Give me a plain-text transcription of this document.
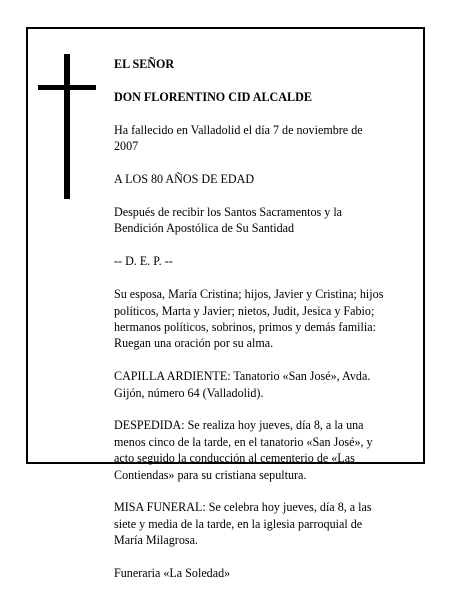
EL SEÑOR

DON FLORENTINO CID ALCALDE

Ha fallecido en Valladolid el día 7 de noviembre de
2007

A LOS 80 AÑOS DE EDAD

Después de recibir los Santos Sacramentos y la
Bendición Apostólica de Su Santidad

-- D. E. P. --

Su esposa, María Cristina; hijos, Javier y Cristina; hijos
políticos, Marta y Javier; nietos, Judit, Jesica y Fabio;
hermanos políticos, sobrinos, primos y demás familia:
Ruegan una oración por su alma.

CAPILLA ARDIENTE: Tanatorio «San José», Avda.
Gijón, número 64 (Valladolid).

DESPEDIDA: Se realiza hoy jueves, día 8, a la una
menos cinco de la tarde, en el tanatorio «San José», y
acto seguido la conducción al cementerio de «Las
Contiendas» para su cristiana sepultura.

MISA FUNERAL: Se celebra hoy jueves, día 8, a las
siete y media de la tarde, en la iglesia parroquial de
María Milagrosa.

Funeraria «La Soledad»
